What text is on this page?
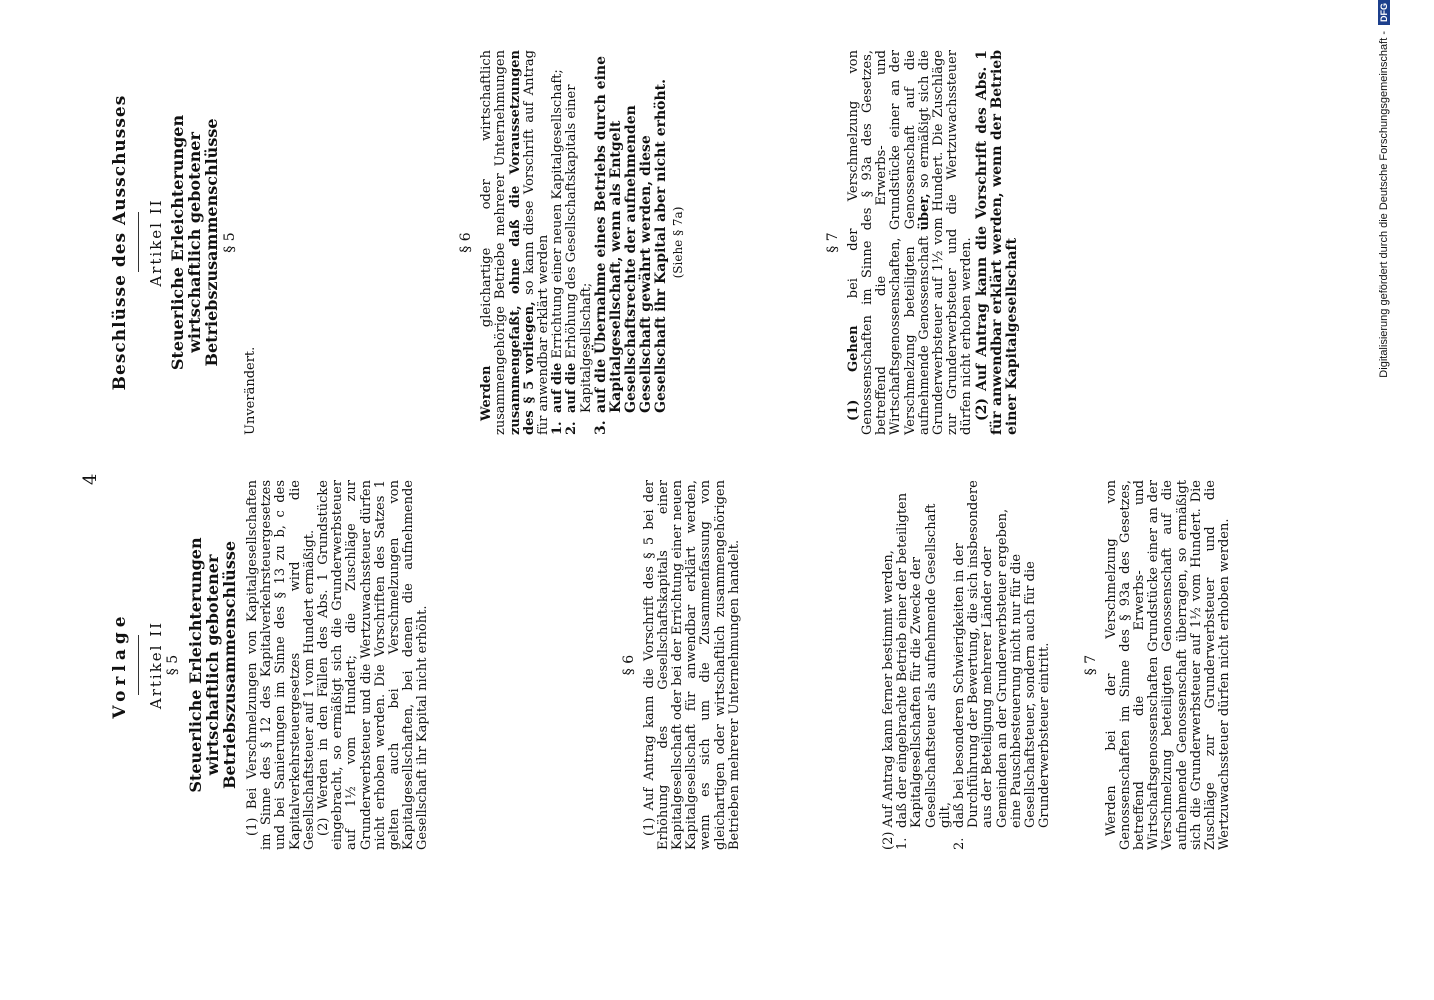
4
Vorlage Artikel II § 5 Steuerliche Erleichterungen wirtschaftlich gebotener Betriebszusammenschlüsse (1) Bei Verschmelzungen von Kapitalgesellschaften im Sinne des § 12 des Kapitalverkehrsteuergesetzes und bei Sanierungen im Sinne des § 13 zu b, c des Kapitalverkehrsteuergesetzes wird die Gesellschaftsteuer auf 1 vom Hundert ermäßigt. (2) Werden in den Fällen des Abs. 1 Grundstücke eingebracht, so ermäßigt sich die Grunderwerbsteuer auf 1½ vom Hundert; die Zuschläge zur Grunderwerbsteuer und die Wertzuwachssteuer dürfen nicht erhoben werden. Die Vorschriften des Satzes 1 gelten auch bei Verschmelzungen von Kapitalgesellschaften, bei denen die aufnehmende Gesellschaft ihr Kapital nicht erhöht.	§ 6 (1) Auf Antrag kann die Vorschrift des § 5 bei der Erhöhung des Gesellschaftskapitals einer Kapitalgesellschaft oder bei der Errichtung einer neuen Kapitalgesellschaft für anwendbar erklärt werden, wenn es sich um die Zusammenfassung von gleichartigen oder wirtschaftlich zusammengehörigen Betrieben mehrerer Unternehmungen handelt.	(2) Auf Antrag kann ferner bestimmt werden, 1.
daß der eingebrachte Betrieb einer der beteiligten Kapitalgesellschaften für die Zwecke der Gesellschaftsteuer als aufnehmende Gesellschaft gilt,
2.
daß bei besonderen Schwierigkeiten in der Durchführung der Bewertung, die sich insbesondere aus der Beteiligung mehrerer Länder oder Gemeinden an der Grunderwerbsteuer ergeben, eine Pauschbesteuerung nicht nur für die Gesellschaftsteuer, sondern auch für die Grunderwerbsteuer eintritt. § 7 Werden bei der Verschmelzung von Genossenschaften im Sinne des § 93a des Gesetzes, betreffend die Erwerbs- und Wirtschaftsgenossenschaften Grundstücke einer an der Verschmelzung beteiligten Genossenschaft auf die aufnehmende Genossenschaft überragen, so ermäßigt sich die Grunderwerbsteuer auf 1½ vom Hundert. Die Zuschläge zur Grunderwerbsteuer und die Wertzuwachssteuer dürfen nicht erhoben werden.

Beschlüsse des Ausschusses Artikel II Steuerliche Erleichterungen wirtschaftlich gebotener Betriebszusammenschlüsse § 5

Unverändert.

§ 6

Werden gleichartige oder wirtschaftlich zusammengehörige Betriebe mehrerer Unternehmungen zusammengefaßt, ohne daß die Voraussetzungen des § 5 vorliegen, so kann diese Vorschrift auf Antrag für anwendbar erklärt werden 1.
auf die Errichtung einer neuen Kapitalgesellschaft;
2.
auf die Erhöhung des Gesellschaftskapitals einer Kapitalgesellschaft;
3.
auf die Übernahme eines Betriebs durch eine Kapitalgesellschaft, wenn als Entgelt Gesellschaftsrechte der aufnehmenden Gesellschaft gewährt werden, diese Gesellschaft ihr Kapital aber nicht erhöht. (Siehe § 7a)	§ 7

(1) Gehen bei der Verschmelzung von Genossenschaften im Sinne des § 93a des Gesetzes, betreffend die Erwerbs- und Wirtschaftsgenossenschaften, Grundstücke einer an der Verschmelzung beteiligten Genossenschaft auf die aufnehmende Genossenschaft über, so ermäßigt sich die Grunderwerbsteuer auf 1½ vom Hundert. Die Zuschläge zur Grunderwerbsteuer und die Wertzuwachssteuer dürfen nicht erhoben werden. (2) Auf Antrag kann die Vorschrift des Abs. 1 für anwendbar erklärt werden, wenn der Betrieb einer Kapitalgesellschaft	Digitalisierung gefördert durch die Deutsche Forschungsgemeinschaft -
DFG
